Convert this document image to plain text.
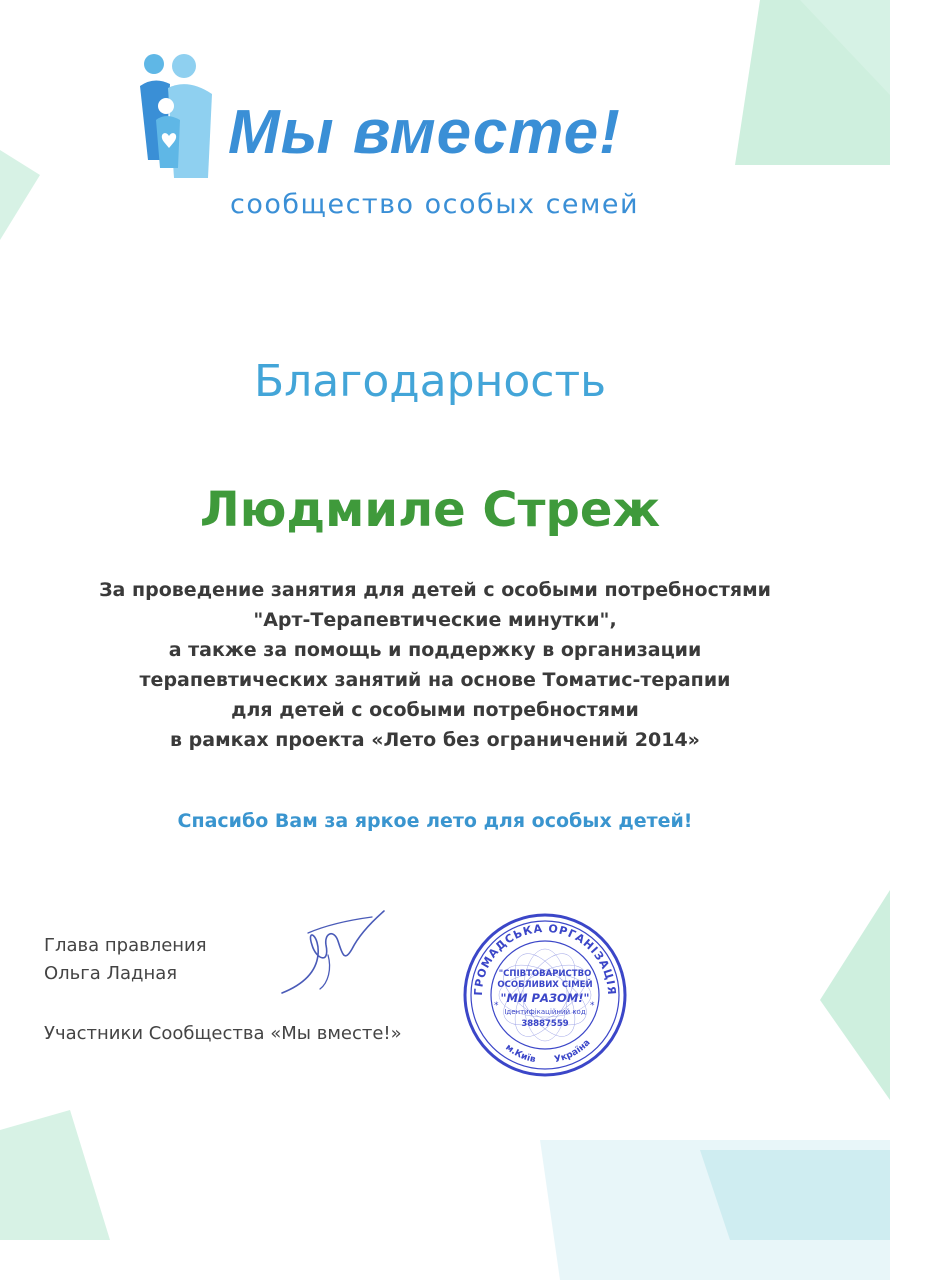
Мы вместе!
сообщество особых семей
Благодарность
Людмиле Стреж
За проведение занятия для детей с особыми потребностями
"Арт-Терапевтические минутки",
а также за помощь и поддержку в организации
терапевтических занятий на основе Томатис-терапии
для детей с особыми потребностями
в рамках проекта «Лето без ограничений 2014»
Спасибо Вам за яркое лето для особых детей!
Глава правления
Ольга Ладная
Участники Сообщества «Мы вместе!»
ГРОМАДСЬКА ОРГАНІЗАЦІЯ
м.Київ Україна
"СПІВТОВАРИСТВО
ОСОБЛИВИХ СІМЕЙ
"МИ РАЗОМ!"
Ідентифікаційний код
38887559
*	*
